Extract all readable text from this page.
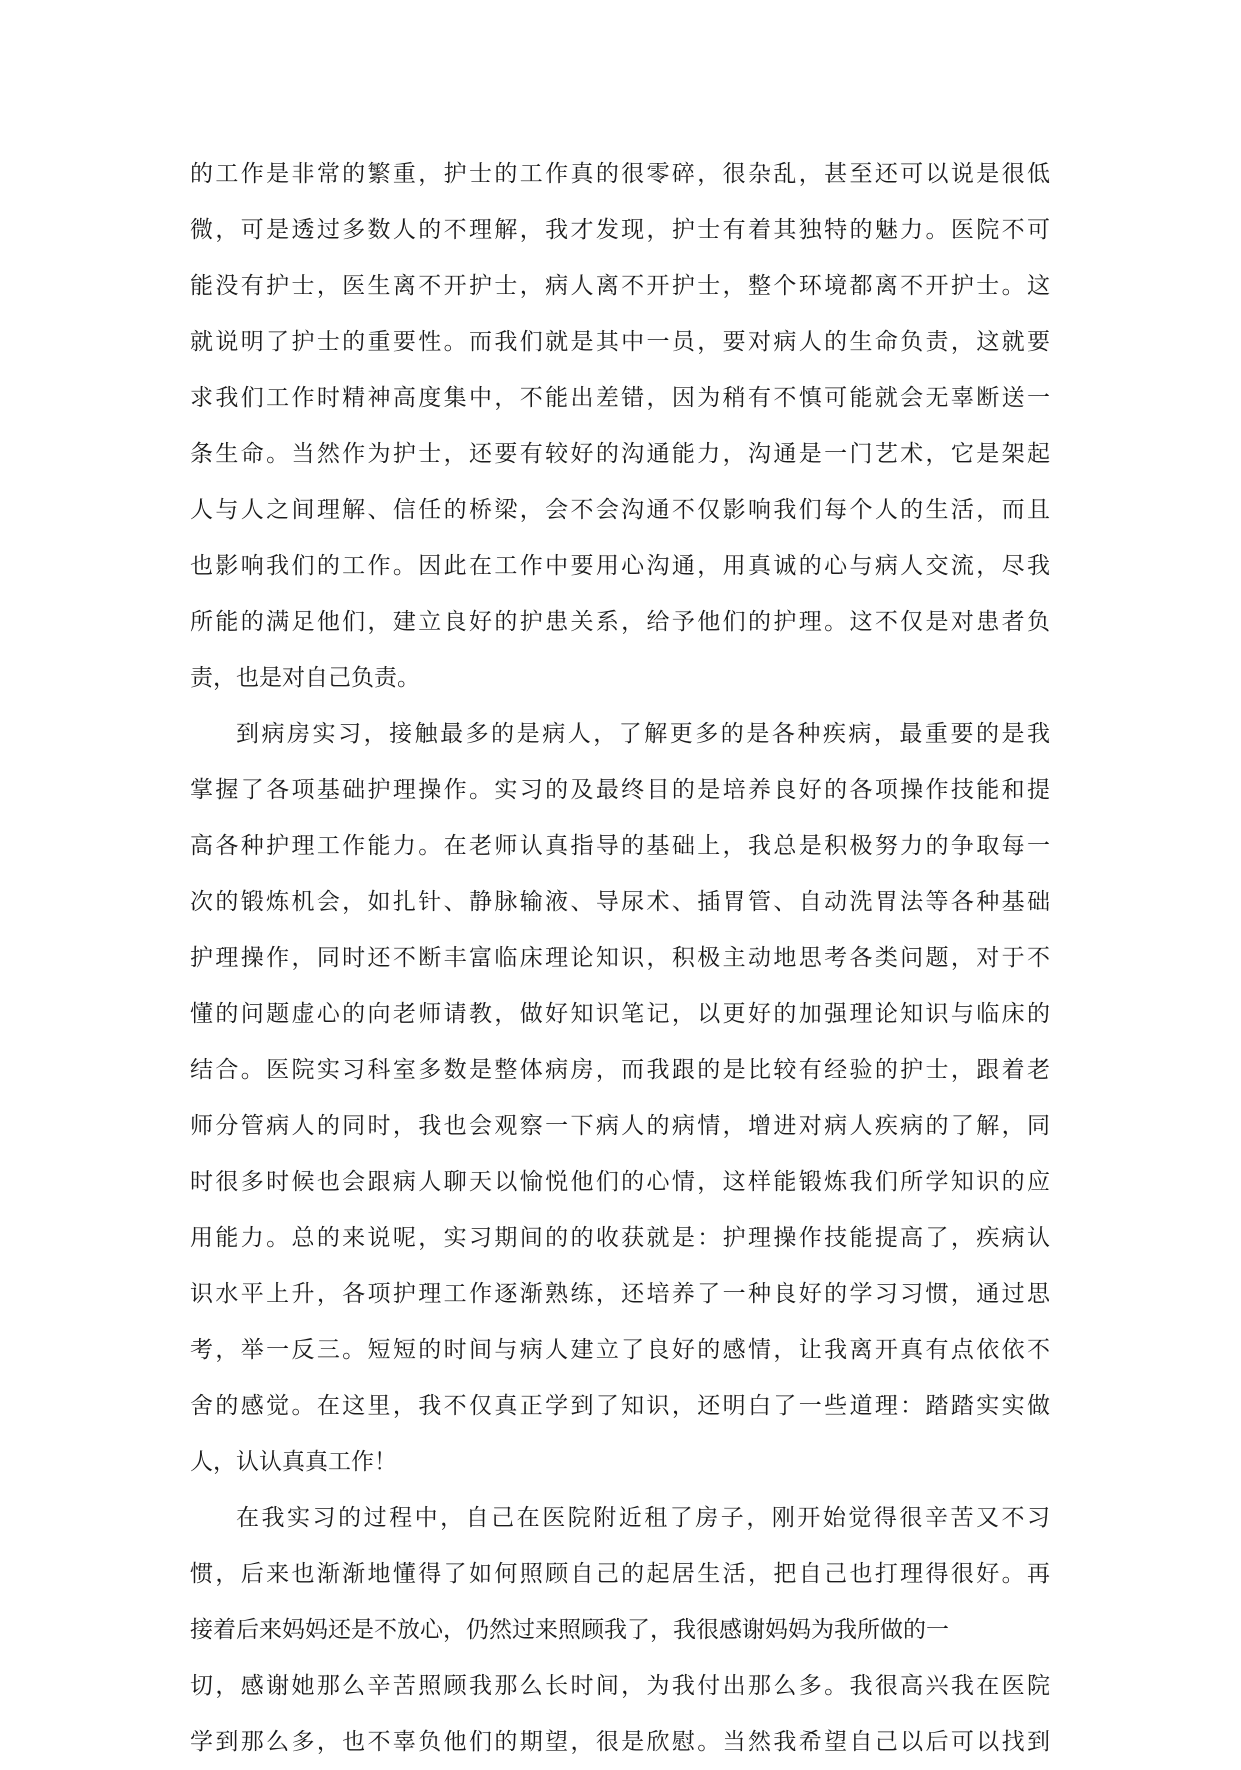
的工作是非常的繁重，护士的工作真的很零碎，很杂乱，甚至还可以说是很低
微，可是透过多数人的不理解，我才发现，护士有着其独特的魅力。医院不可
能没有护士，医生离不开护士，病人离不开护士，整个环境都离不开护士。这
就说明了护士的重要性。而我们就是其中一员，要对病人的生命负责，这就要
求我们工作时精神高度集中，不能出差错，因为稍有不慎可能就会无辜断送一
条生命。当然作为护士，还要有较好的沟通能力，沟通是一门艺术，它是架起
人与人之间理解、信任的桥梁，会不会沟通不仅影响我们每个人的生活，而且
也影响我们的工作。因此在工作中要用心沟通，用真诚的心与病人交流，尽我
所能的满足他们，建立良好的护患关系，给予他们的护理。这不仅是对患者负
责，也是对自己负责。
到病房实习，接触最多的是病人，了解更多的是各种疾病，最重要的是我
掌握了各项基础护理操作。实习的及最终目的是培养良好的各项操作技能和提
高各种护理工作能力。在老师认真指导的基础上，我总是积极努力的争取每一
次的锻炼机会，如扎针、静脉输液、导尿术、插胃管、自动洗胃法等各种基础
护理操作，同时还不断丰富临床理论知识，积极主动地思考各类问题，对于不
懂的问题虚心的向老师请教，做好知识笔记，以更好的加强理论知识与临床的
结合。医院实习科室多数是整体病房，而我跟的是比较有经验的护士，跟着老
师分管病人的同时，我也会观察一下病人的病情，增进对病人疾病的了解，同
时很多时候也会跟病人聊天以愉悦他们的心情，这样能锻炼我们所学知识的应
用能力。总的来说呢，实习期间的的收获就是：护理操作技能提高了，疾病认
识水平上升，各项护理工作逐渐熟练，还培养了一种良好的学习习惯，通过思
考，举一反三。短短的时间与病人建立了良好的感情，让我离开真有点依依不
舍的感觉。在这里，我不仅真正学到了知识，还明白了一些道理：踏踏实实做
人，认认真真工作！
在我实习的过程中，自己在医院附近租了房子，刚开始觉得很辛苦又不习
惯，后来也渐渐地懂得了如何照顾自己的起居生活，把自己也打理得很好。再
接着后来妈妈还是不放心，仍然过来照顾我了，我很感谢妈妈为我所做的一
切，感谢她那么辛苦照顾我那么长时间，为我付出那么多。我很高兴我在医院
学到那么多，也不辜负他们的期望，很是欣慰。当然我希望自己以后可以找到
